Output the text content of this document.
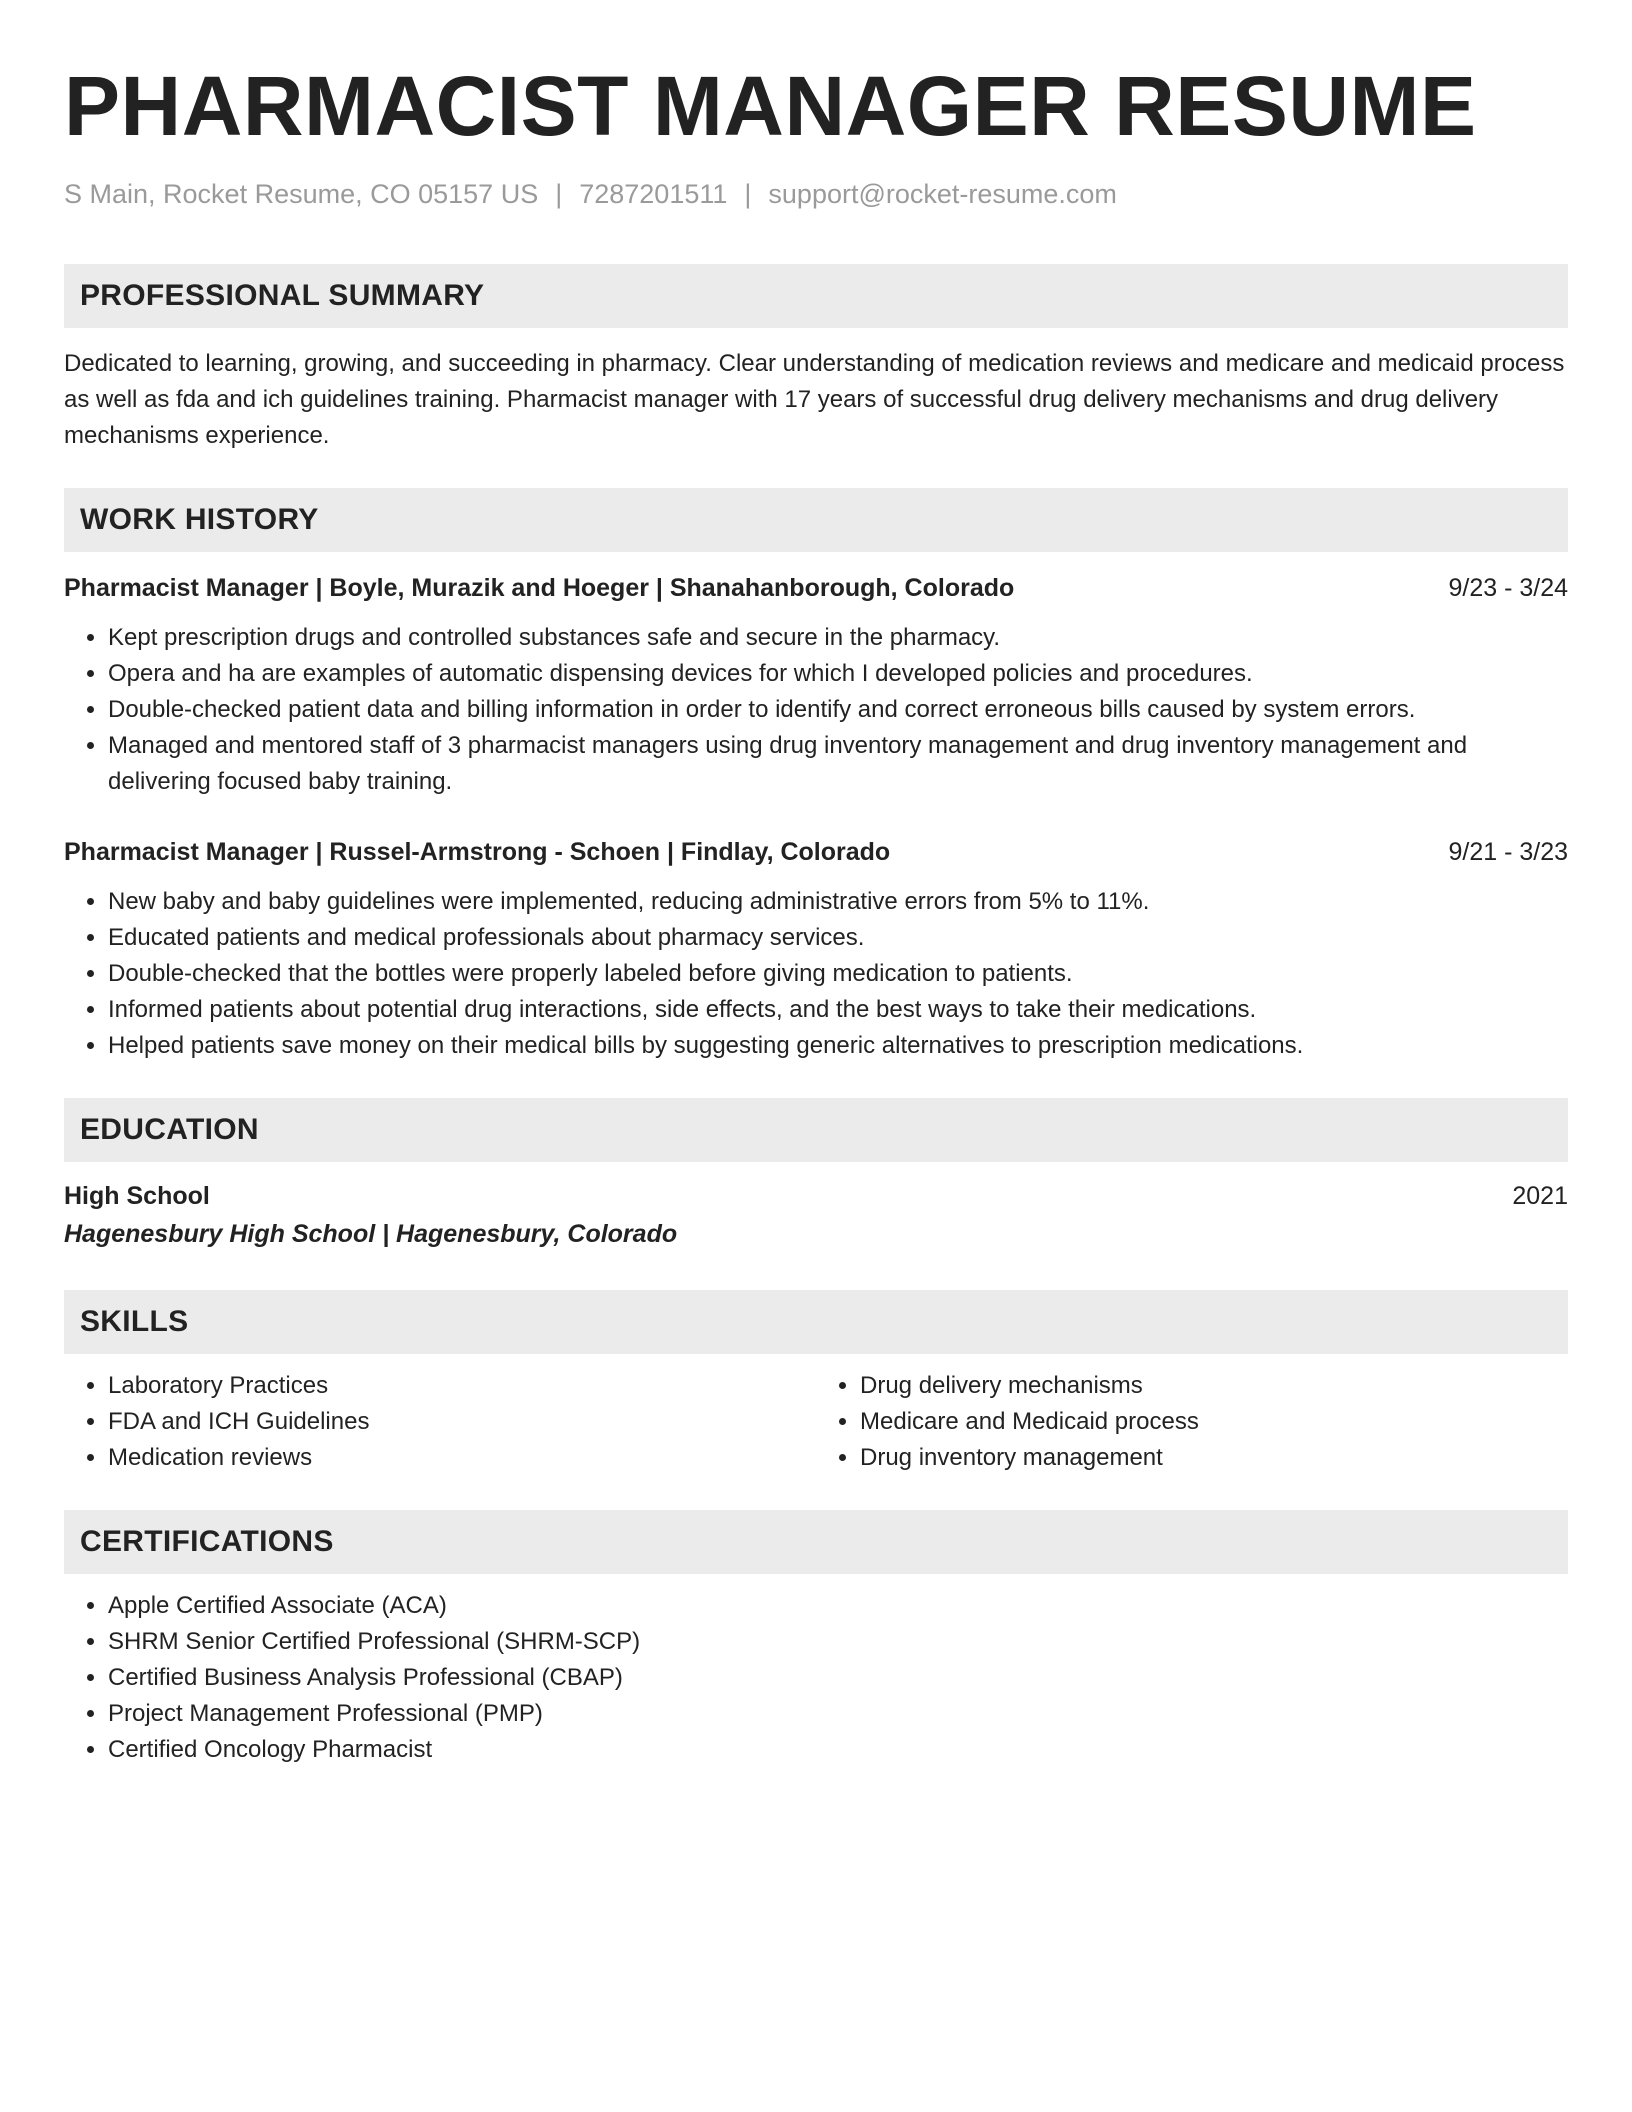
PHARMACIST MANAGER RESUME
S Main, Rocket Resume, CO 05157 US | 7287201511 | support@rocket-resume.com
PROFESSIONAL SUMMARY

Dedicated to learning, growing, and succeeding in pharmacy. Clear understanding of medication reviews and medicare and medicaid process as well as fda and ich guidelines training. Pharmacist manager with 17 years of successful drug delivery mechanisms and drug delivery mechanisms experience.

WORK HISTORY
Pharmacist Manager | Boyle, Murazik and Hoeger | Shanahanborough, Colorado	9/23 - 3/24
• Kept prescription drugs and controlled substances safe and secure in the pharmacy.
• Opera and ha are examples of automatic dispensing devices for which I developed policies and procedures.
• Double-checked patient data and billing information in order to identify and correct erroneous bills caused by system errors.
• Managed and mentored staff of 3 pharmacist managers using drug inventory management and drug inventory management and delivering focused baby training.
Pharmacist Manager | Russel-Armstrong - Schoen | Findlay, Colorado	9/21 - 3/23
• New baby and baby guidelines were implemented, reducing administrative errors from 5% to 11%.
• Educated patients and medical professionals about pharmacy services.
• Double-checked that the bottles were properly labeled before giving medication to patients.
• Informed patients about potential drug interactions, side effects, and the best ways to take their medications.
• Helped patients save money on their medical bills by suggesting generic alternatives to prescription medications.
EDUCATION
High School	2021
Hagenesbury High School | Hagenesbury, Colorado
SKILLS
• Laboratory Practices
• FDA and ICH Guidelines
• Medication reviews
• Drug delivery mechanisms
• Medicare and Medicaid process
• Drug inventory management
CERTIFICATIONS
• Apple Certified Associate (ACA)
• SHRM Senior Certified Professional (SHRM-SCP)
• Certified Business Analysis Professional (CBAP)
• Project Management Professional (PMP)
• Certified Oncology Pharmacist
